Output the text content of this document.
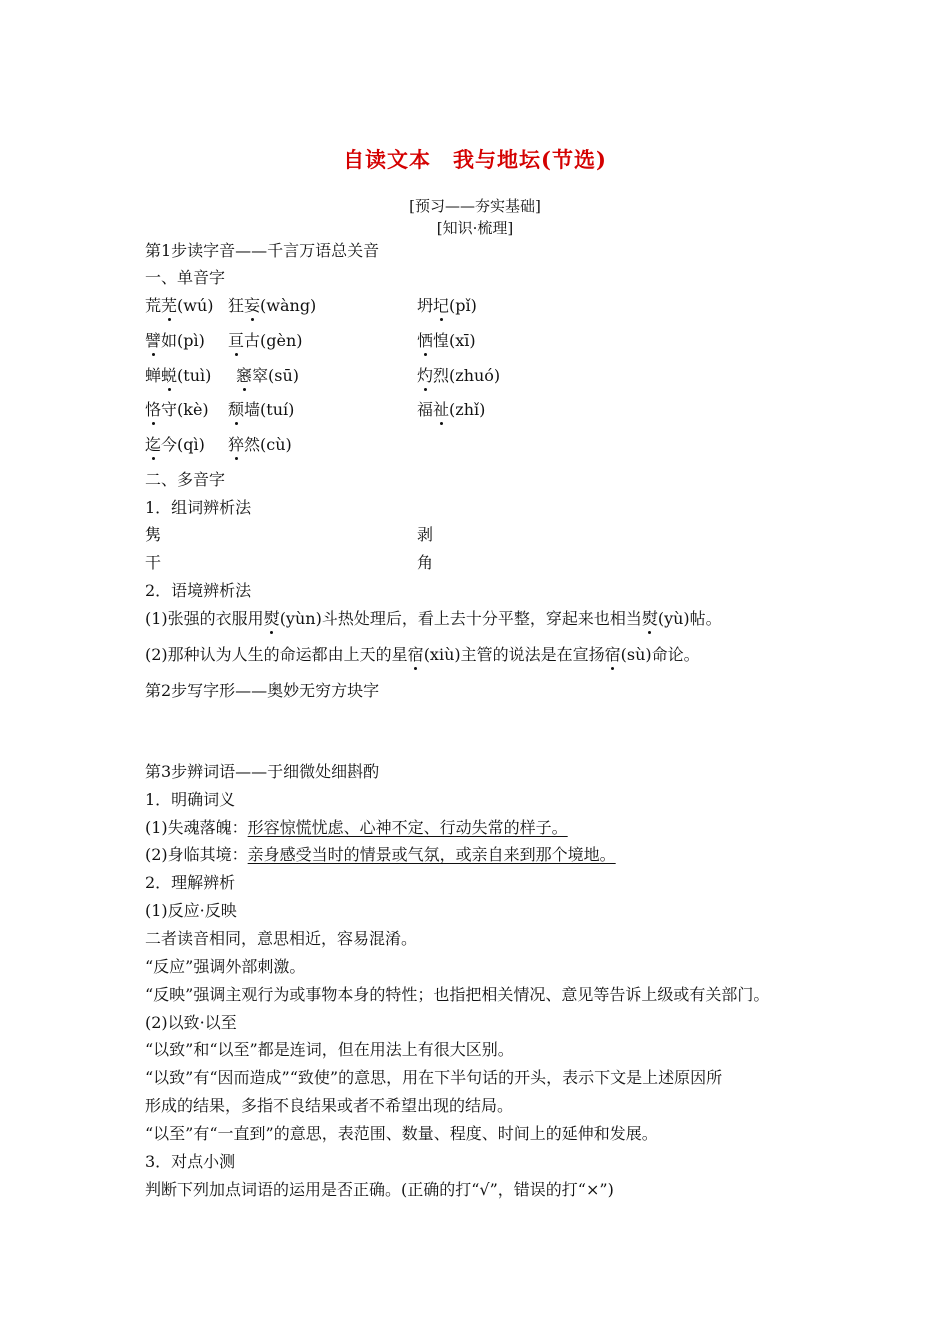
自读文本　我与地坛(节选)
[预习——夯实基础]
[知识·梳理]
第1步读字音——千言万语总关音
一、单音字
荒芜(wú) 狂妄(wàng)	坍圮(pǐ)
譬如(pì) 亘古(gèn)	恓惶(xī)
蝉蜕(tuì) 窸窣(sū)	灼烈(zhuó)
恪守(kè) 颓墙(tuí)	福祉(zhǐ)
迄今(qì) 猝然(cù)
二、多音字
1．组词辨析法
隽	剥
干	角
2．语境辨析法
(1)张强的衣服用熨(yùn)斗热处理后，看上去十分平整，穿起来也相当熨(yù)帖。
(2)那种认为人生的命运都由上天的星宿(xiù)主管的说法是在宣扬宿(sù)命论。
第2步写字形——奥妙无穷方块字
第3步辨词语——于细微处细斟酌
1．明确词义
(1)失魂落魄：形容惊慌忧虑、心神不定、行动失常的样子。
(2)身临其境：亲身感受当时的情景或气氛，或亲自来到那个境地。
2．理解辨析
(1)反应·反映
二者读音相同，意思相近，容易混淆。
“反应”强调外部刺激。
“反映”强调主观行为或事物本身的特性；也指把相关情况、意见等告诉上级或有关部门。
(2)以致·以至
“以致”和“以至”都是连词，但在用法上有很大区别。
“以致”有“因而造成”“致使”的意思，用在下半句话的开头，表示下文是上述原因所
形成的结果，多指不良结果或者不希望出现的结局。
“以至”有“一直到”的意思，表范围、数量、程度、时间上的延伸和发展。
3．对点小测
判断下列加点词语的运用是否正确。(正确的打“√”，错误的打“×”)
